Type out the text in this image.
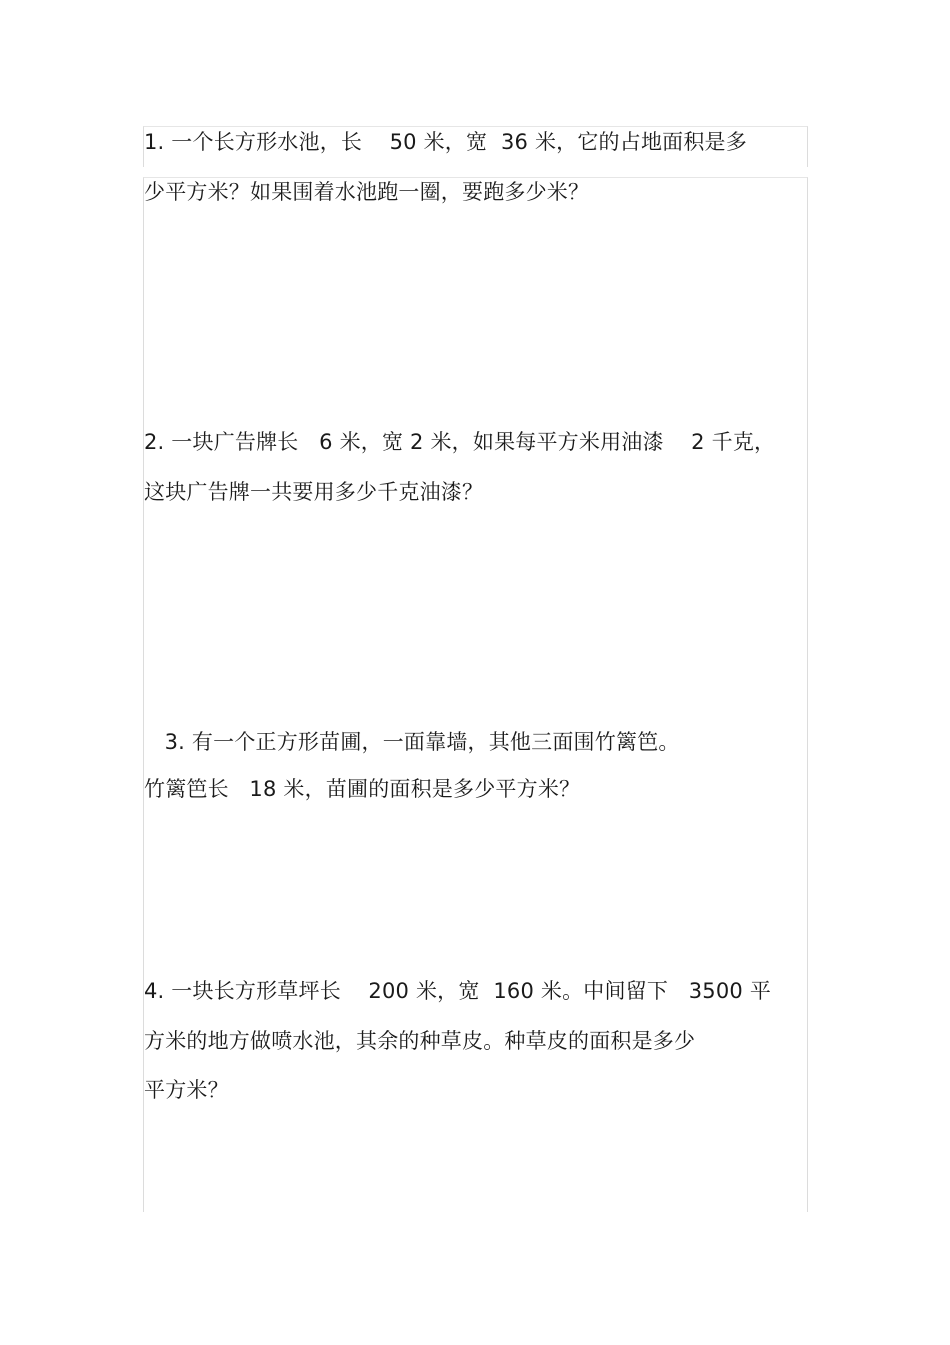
1. 一个长方形水池，长    50 米，宽  36 米，它的占地面积是多
少平方米？如果围着水池跑一圈，要跑多少米？
2. 一块广告牌长   6 米，宽 2 米，如果每平方米用油漆    2 千克，
这块广告牌一共要用多少千克油漆？
3. 有一个正方形苗圃，一面靠墙，其他三面围竹篱笆。
竹篱笆长   18 米，苗圃的面积是多少平方米？
4. 一块长方形草坪长    200 米，宽  160 米。中间留下   3500 平
方米的地方做喷水池，其余的种草皮。种草皮的面积是多少
平方米？
